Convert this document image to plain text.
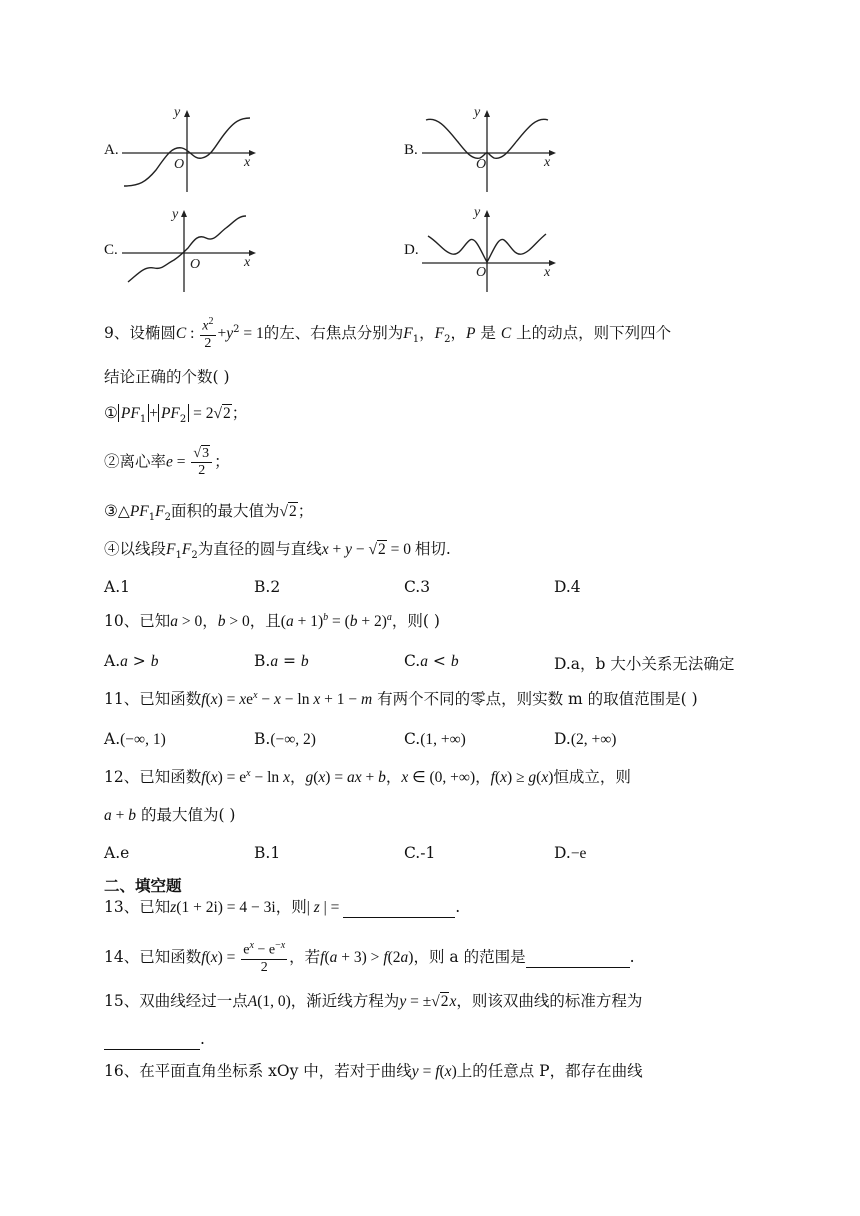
A.
x
y
O
B.
x
y
O
C.
x
y
O
D.
x
y
O
9、设椭圆C : $\frac{x^2}{2} +y^2 = 1$的左、右焦点分别为$F_1$，$F_2$，P 是 C 上的动点，则下列四个
结论正确的个数( )
① $PF_1 + PF_2 = 2√2$；
②离心率$e = \frac{√3}{2}$ ；
$③\triangle PF_1F_2$面积的最大值为√2；
④以线段$F_1F_2$为直径的圆与直线x + y − √2 = 0 相切.
A.1	B.2	C.3	D.4
10、已知a > 0，b > 0，且$(a + 1)^b = (b + 2)^a$，则( )
A.a > b	B.a = b	C.a < b	D.a，b 大小关系无法确定
11、已知函数$f(x) = xe^x - x - \ln x + 1 - m$ 有两个不同的零点，则实数 m 的取值范围是( )
A.(−∞, 1)	B.(−∞, 2)	C.(1, +∞)	D.(2, +∞)
12、已知函数$f(x) = e^x - \ln x$，g(x) = ax + b，x ∈ (0, +∞)，f(x) ≥ g(x)恒成立，则
a + b 的最大值为( )
A.e	B.1	C.-1	D.−e
二、填空题
13、已知z(1 + 2i) = 4 − 3i，则| z | =	.
14、已知函数$f(x) = \frac{e^x - e^{-x}}{2}$ ，若f(a + 3) > f(2a)，则 a 的范围是	.
15、双曲线经过一点A(1, 0)，渐近线方程为y = ±√2x，则该双曲线的标准方程为
.
16、在平面直角坐标系 xOy 中，若对于曲线y = f(x)上的任意点 P，都存在曲线
